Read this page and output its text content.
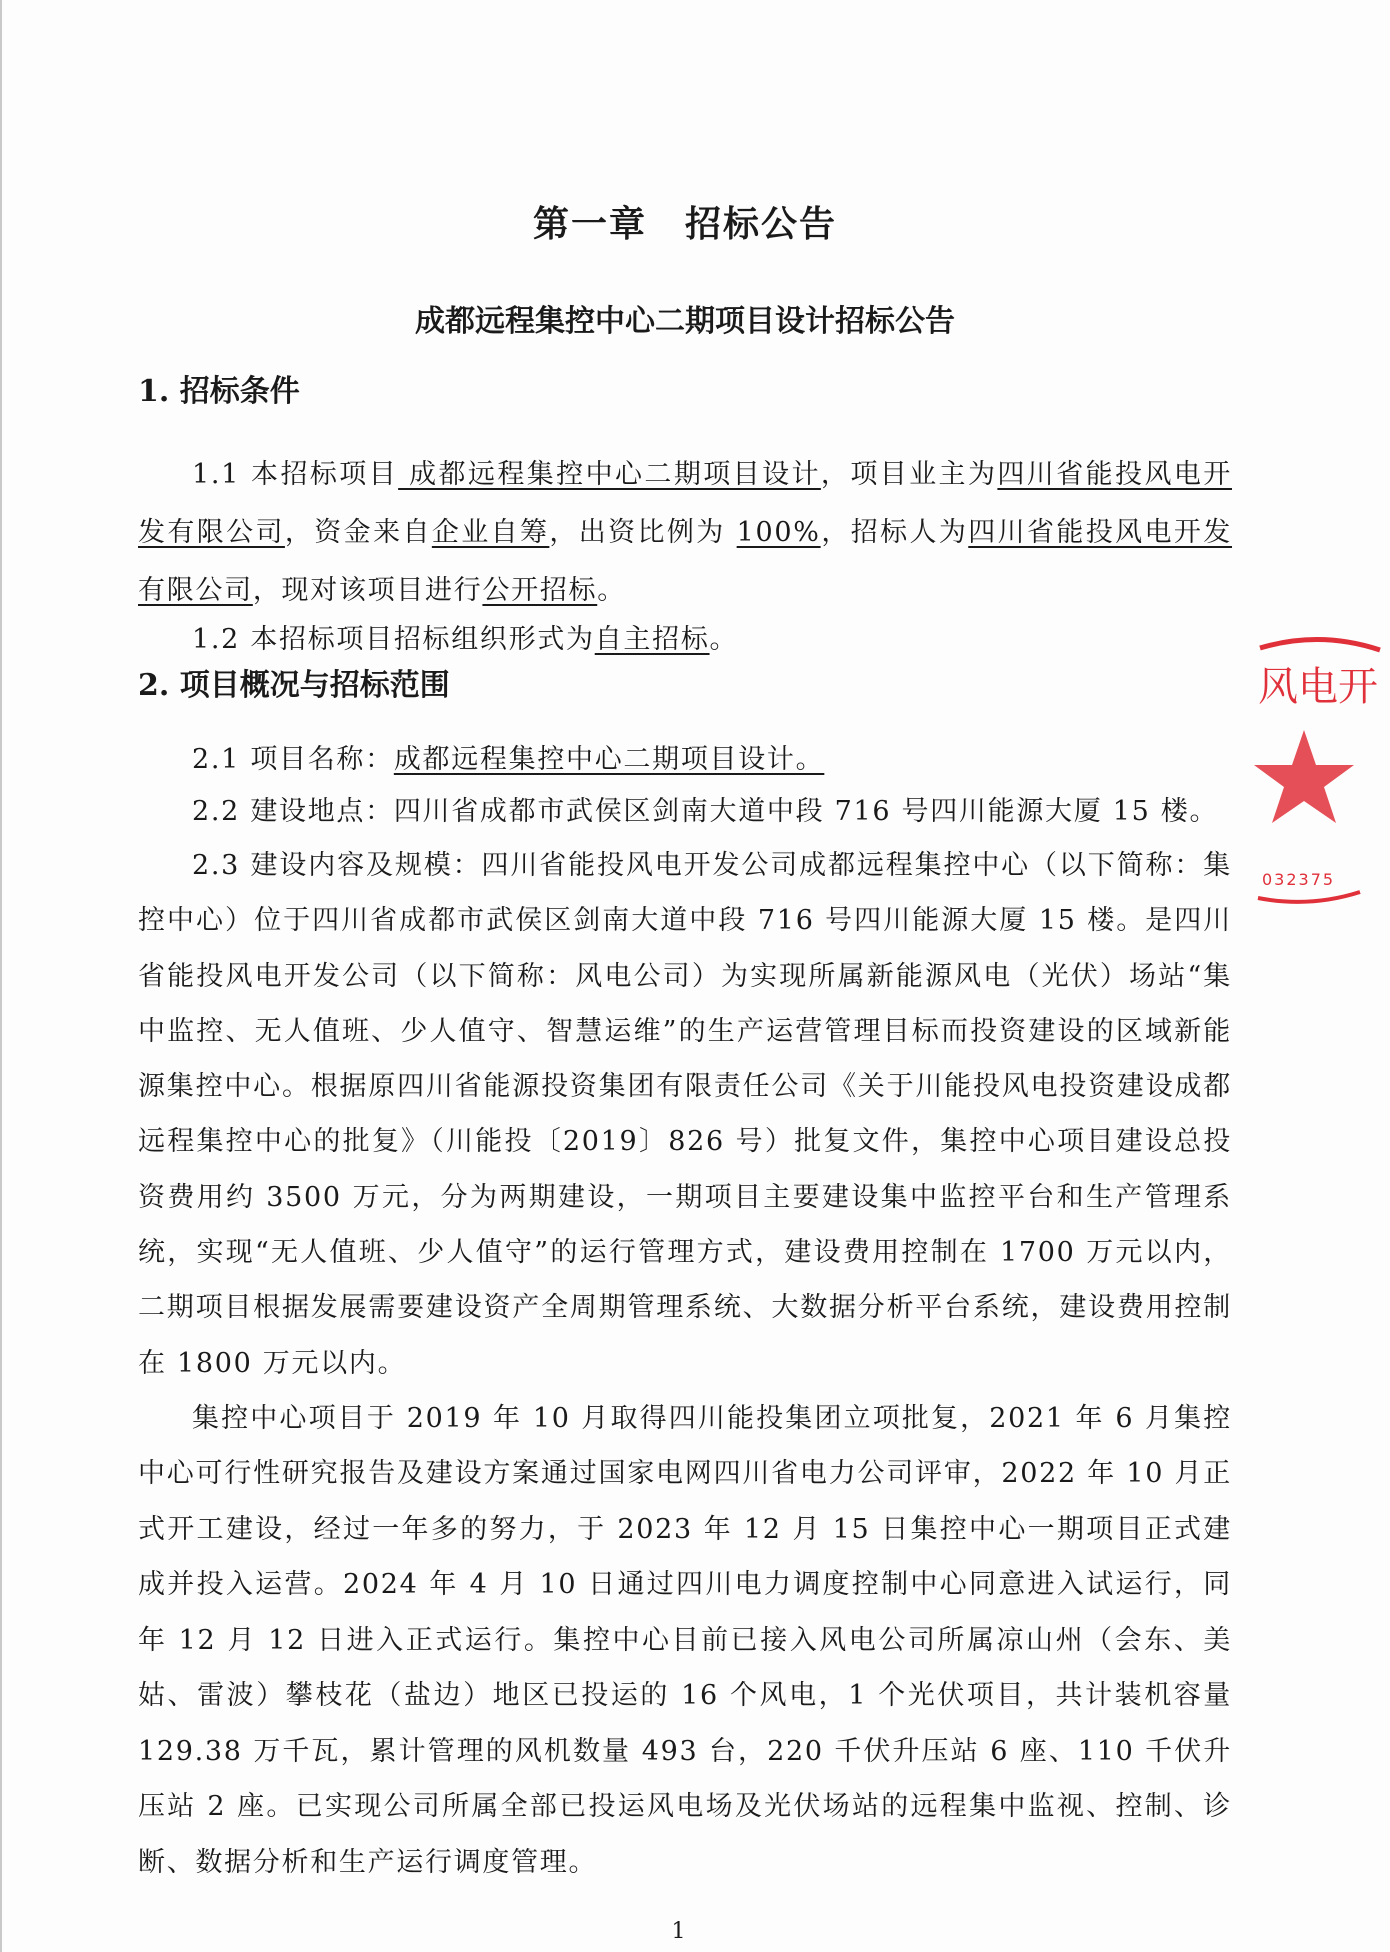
第一章　招标公告
成都远程集控中心二期项目设计招标公告
1. 招标条件

1.1 本招标项目 成都远程集控中心二期项目设计，项目业主为四川省能投风电开发有限公司，资金来自企业自筹，出资比例为 100%，招标人为四川省能投风电开发有限公司，现对该项目进行公开招标。

1.2 本招标项目招标组织形式为自主招标。

2. 项目概况与招标范围

2.1 项目名称：成都远程集控中心二期项目设计。

2.2 建设地点：四川省成都市武侯区剑南大道中段 716 号四川能源大厦 15 楼。

2.3 建设内容及规模：四川省能投风电开发公司成都远程集控中心（以下简称：集控中心）位于四川省成都市武侯区剑南大道中段 716 号四川能源大厦 15 楼。是四川省能投风电开发公司（以下简称：风电公司）为实现所属新能源风电（光伏）场站“集中监控、无人值班、少人值守、智慧运维”的生产运营管理目标而投资建设的区域新能源集控中心。根据原四川省能源投资集团有限责任公司《关于川能投风电投资建设成都远程集控中心的批复》（川能投〔2019〕826 号）批复文件，集控中心项目建设总投资费用约 3500 万元，分为两期建设，一期项目主要建设集中监控平台和生产管理系统，实现“无人值班、少人值守”的运行管理方式，建设费用控制在 1700 万元以内，二期项目根据发展需要建设资产全周期管理系统、大数据分析平台系统，建设费用控制在 1800 万元以内。

集控中心项目于 2019 年 10 月取得四川能投集团立项批复，2021 年 6 月集控中心可行性研究报告及建设方案通过国家电网四川省电力公司评审，2022 年 10 月正式开工建设，经过一年多的努力，于 2023 年 12 月 15 日集控中心一期项目正式建成并投入运营。2024 年 4 月 10 日通过四川电力调度控制中心同意进入试运行，同年 12 月 12 日进入正式运行。集控中心目前已接入风电公司所属凉山州（会东、美姑、雷波）攀枝花（盐边）地区已投运的 16 个风电，1 个光伏项目，共计装机容量 129.38 万千瓦，累计管理的风机数量 493 台，220 千伏升压站 6 座、110 千伏升压站 2 座。已实现公司所属全部已投运风电场及光伏场站的远程集中监视、控制、诊断、数据分析和生产运行调度管理。

风电开
032375
1
